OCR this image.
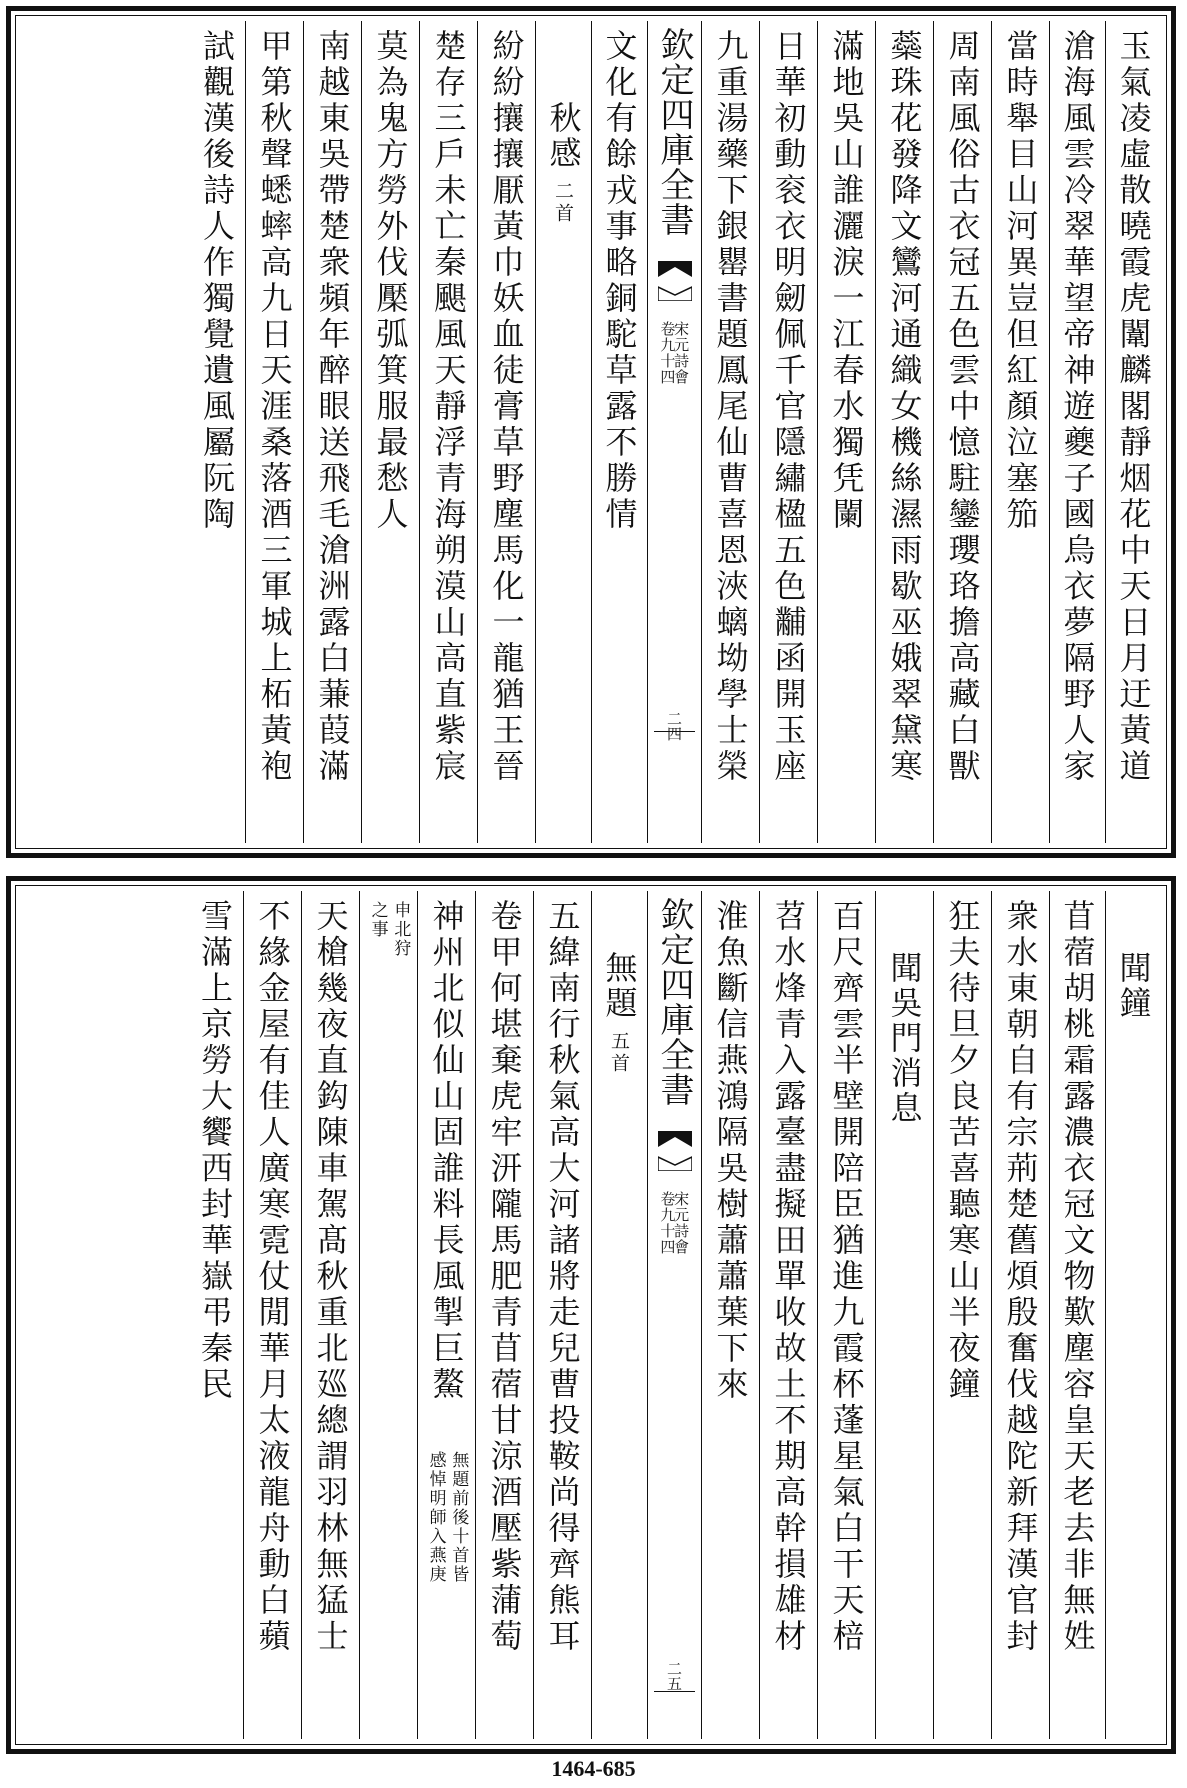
玉氣凌虛散曉霞虎闈麟閣靜烟花中天日月迂黃道
滄海風雲冷翠華望帝神遊夔子國烏衣夢隔野人家
當時舉目山河異豈但紅顏泣塞笳
周南風俗古衣冠五色雲中憶駐鑾瓔珞擔高藏白獸
蘂珠花發降文鸞河通織女機絲濕雨歇巫娥翠黛寒
滿地吳山誰灑淚一江春水獨凭闌
日華初動衮衣明劒佩千官隱繡楹五色黼函開玉座
九重湯藥下銀罌書題鳳尾仙曹喜恩浹螭坳學士榮
欽定四庫全書
宋元詩會
卷九十四
二四
文化有餘戎事略銅駝草露不勝情
秋感
二首
紛紛攘攘厭黃巾妖血徒膏草野塵馬化一龍猶王晉
楚存三戶未亡秦颶風天靜浮青海朔漠山高直紫宸
莫為鬼方勞外伐檿弧箕服最愁人
南越東吳帶楚衆頻年醉眼送飛毛滄洲露白蒹葭滿
甲第秋聲蟋蟀高九日天涯桑落酒三軍城上柘黃袍
試觀漢後詩人作獨覺遺風屬阮陶
聞鐘
苜蓿胡桃霜露濃衣冠文物歎塵容皇天老去非無姓
衆水東朝自有宗荊楚舊煩殷奮伐越陀新拜漢官封
狂夫待旦夕良苦喜聽寒山半夜鐘
聞吳門消息
百尺齊雲半壁開陪臣猶進九霞杯蓬星氣白干天棓
苕水烽青入露臺盡擬田單收故土不期高幹損雄材
淮魚斷信燕鴻隔吳樹蕭蕭葉下來
欽定四庫全書
宋元詩會
卷九十四
二五
無題
五首
五緯南行秋氣高大河諸將走兒曹投鞍尚得齊熊耳
卷甲何堪棄虎牢汧隴馬肥青苜蓿甘涼酒壓紫蒲萄
神州北似仙山固誰料長風掣巨鰲
無題前後十首皆
感悼明師入燕庚
申北狩
之事
天槍幾夜直鈎陳車駕髙秋重北廵總謂羽林無猛士
不緣金屋有佳人廣寒霓仗閒華月太液龍舟動白蘋
雪滿上京勞大饗西封華嶽弔秦民
1464-685
